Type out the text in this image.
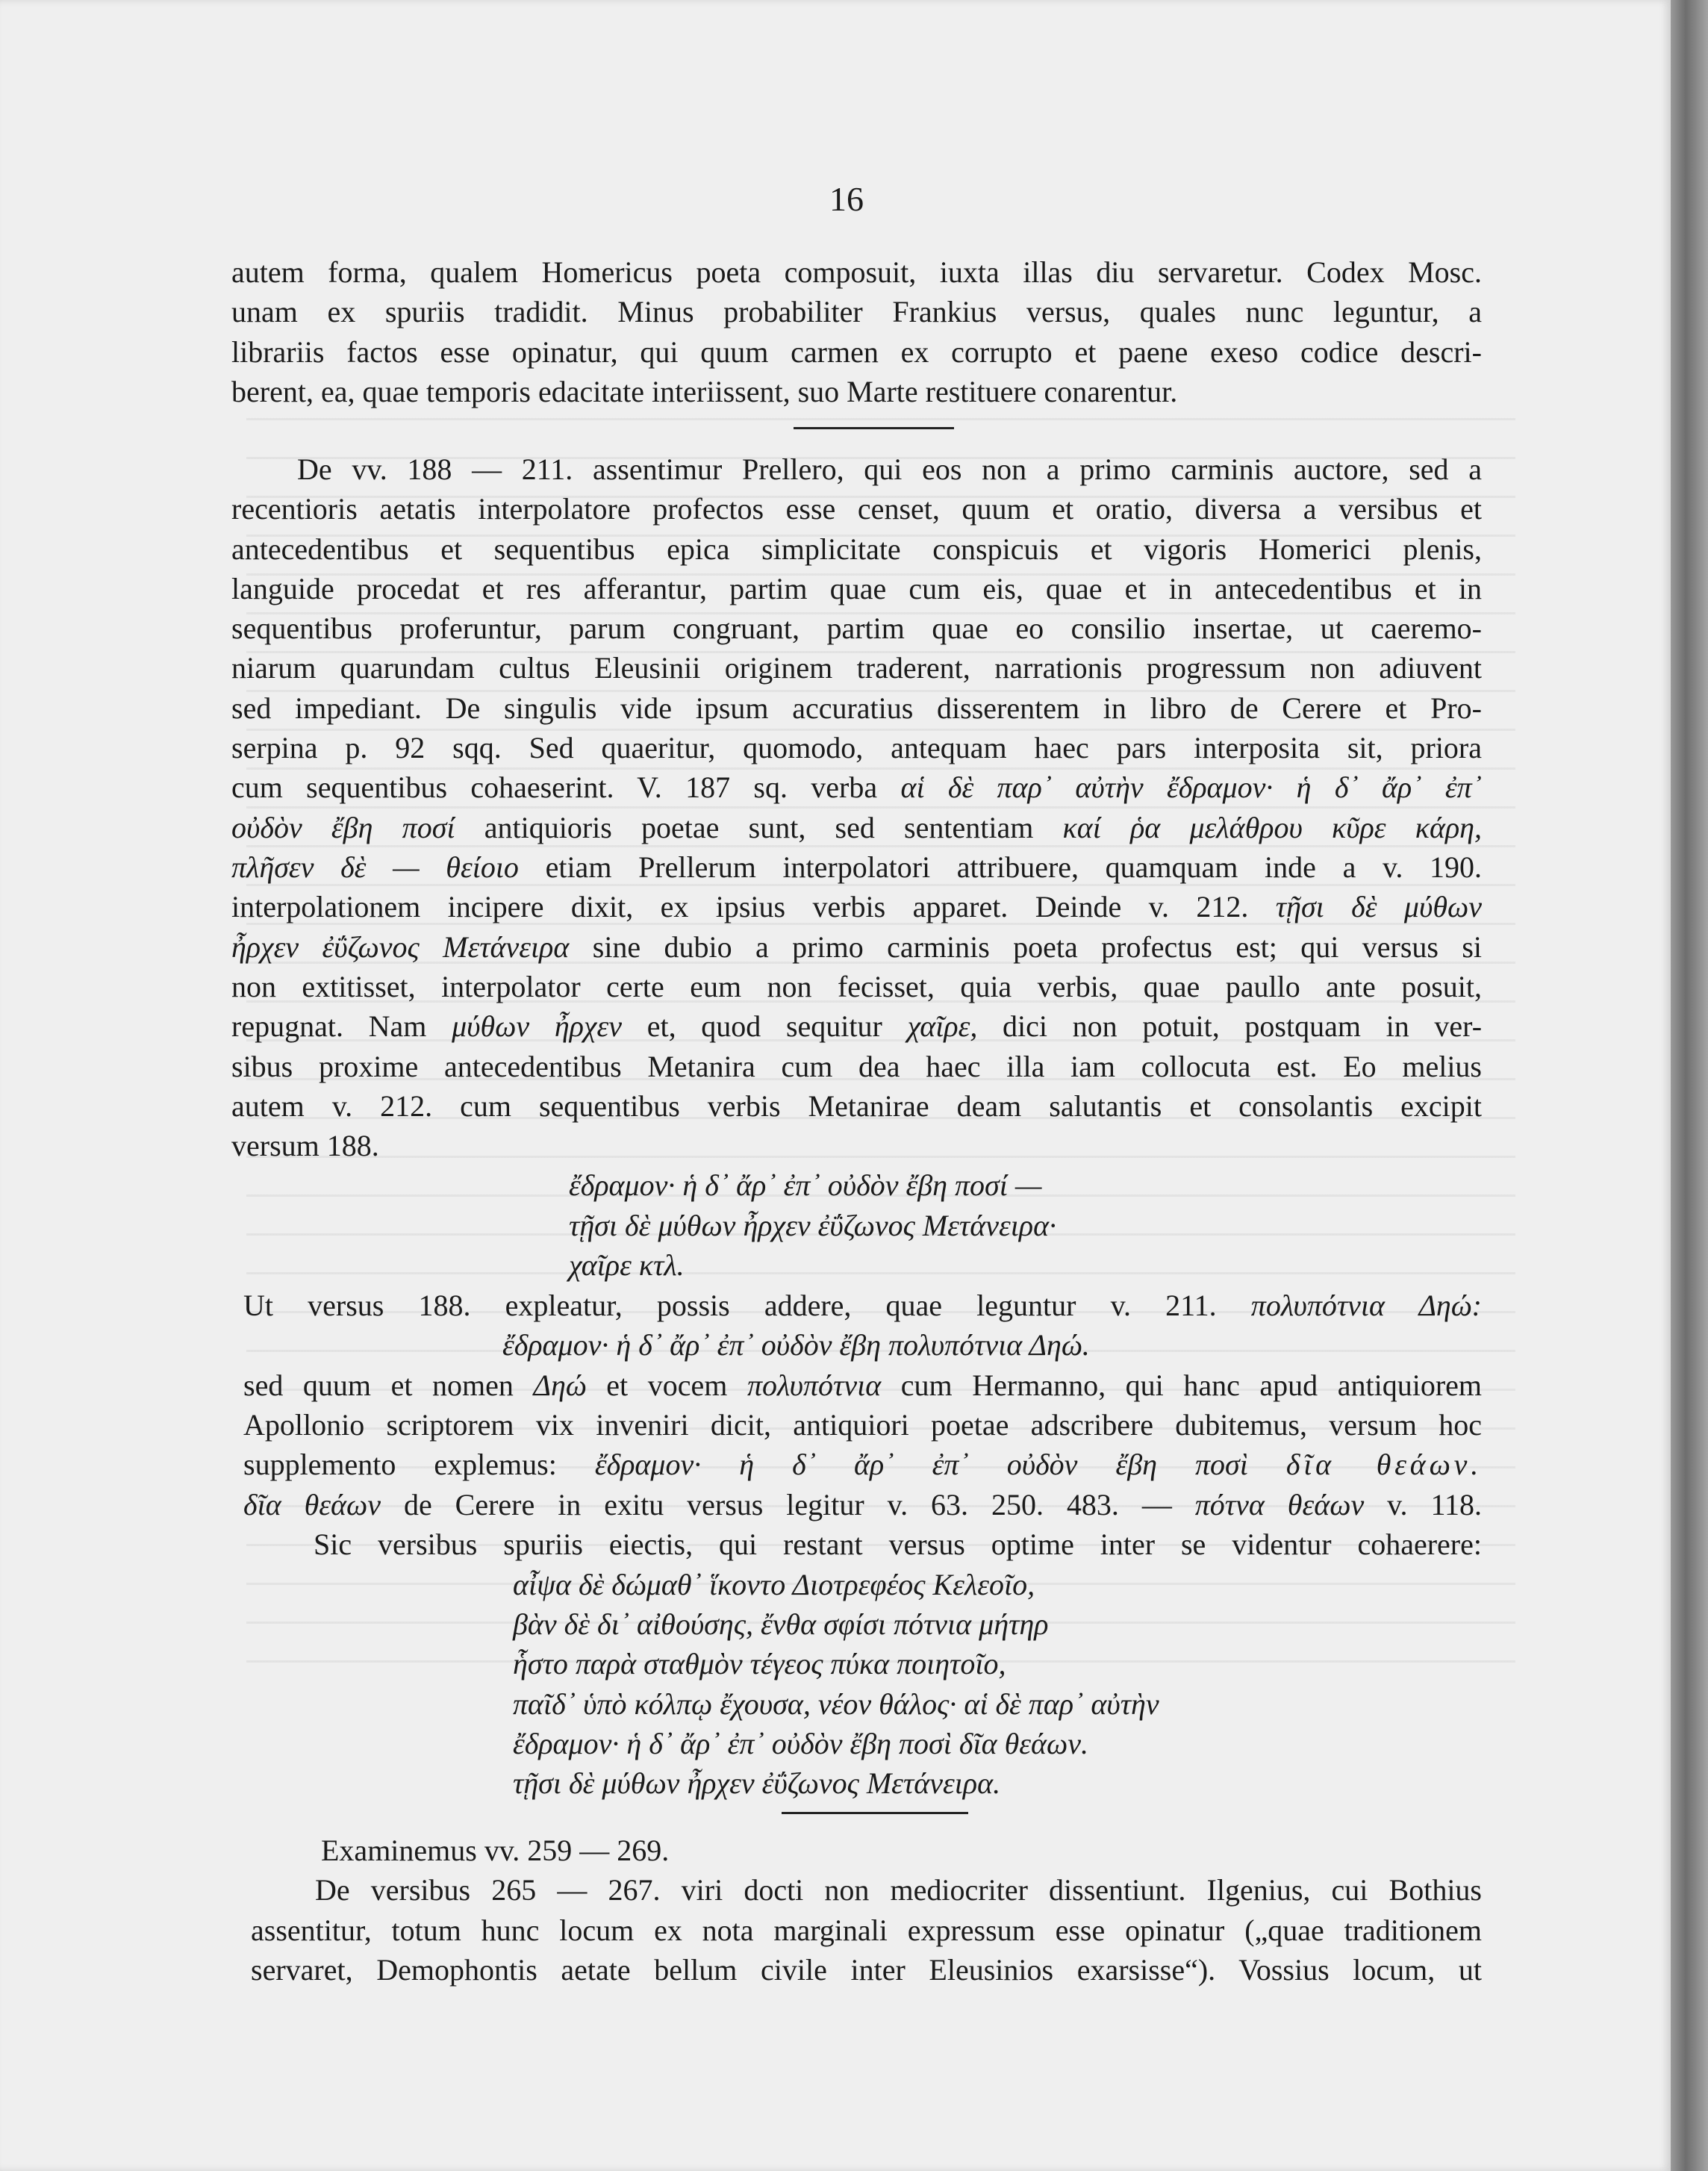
16
autem forma, qualem Homericus poeta composuit, iuxta illas diu servaretur. Codex Mosc.
unam ex spuriis tradidit. Minus probabiliter Frankius versus, quales nunc leguntur, a
librariis factos esse opinatur, qui quum carmen ex corrupto et paene exeso codice descri-
berent, ea, quae temporis edacitate interiissent, suo Marte restituere conarentur.
De vv. 188 — 211. assentimur Prellero, qui eos non a primo carminis auctore, sed a
recentioris aetatis interpolatore profectos esse censet, quum et oratio, diversa a versibus et
antecedentibus et sequentibus epica simplicitate conspicuis et vigoris Homerici plenis,
languide procedat et res afferantur, partim quae cum eis, quae et in antecedentibus et in
sequentibus proferuntur, parum congruant, partim quae eo consilio insertae, ut caeremo-
niarum quarundam cultus Eleusinii originem traderent, narrationis progressum non adiuvent
sed impediant. De singulis vide ipsum accuratius disserentem in libro de Cerere et Pro-
serpina p. 92 sqq. Sed quaeritur, quomodo, antequam haec pars interposita sit, priora
cum sequentibus cohaeserint. V. 187 sq. verba αἱ δὲ παρ᾽ αὐτὴν ἔδραμον· ἡ δ᾽ ἄρ᾽ ἐπ᾽
οὐδὸν ἔβη ποσί antiquioris poetae sunt, sed sententiam καί ῥα μελάθρου κῦρε κάρη,
πλῆσεν δὲ — θείοιο etiam Prellerum interpolatori attribuere, quamquam inde a v. 190.
interpolationem incipere dixit, ex ipsius verbis apparet. Deinde v. 212. τῇσι δὲ μύθων
ἦρχεν ἐΰζωνος Μετάνειρα sine dubio a primo carminis poeta profectus est; qui versus si
non extitisset, interpolator certe eum non fecisset, quia verbis, quae paullo ante posuit,
repugnat. Nam μύθων ἦρχεν et, quod sequitur χαῖρε, dici non potuit, postquam in ver-
sibus proxime antecedentibus Metanira cum dea haec illa iam collocuta est. Eo melius
autem v. 212. cum sequentibus verbis Metanirae deam salutantis et consolantis excipit
versum 188.
ἔδραμον· ἡ δ᾽ ἄρ᾽ ἐπ᾽ οὐδὸν ἔβη ποσί —
τῇσι δὲ μύθων ἦρχεν ἐΰζωνος Μετάνειρα·
χαῖρε κτλ.
Ut versus 188. expleatur, possis addere, quae leguntur v. 211. πολυπότνια Δηώ:
ἔδραμον· ἡ δ᾽ ἄρ᾽ ἐπ᾽ οὐδὸν ἔβη πολυπότνια Δηώ.
sed quum et nomen Δηώ et vocem πολυπότνια cum Hermanno, qui hanc apud antiquiorem
Apollonio scriptorem vix inveniri dicit, antiquiori poetae adscribere dubitemus, versum hoc
supplemento explemus: ἔδραμον· ἡ δ᾽ ἄρ᾽ ἐπ᾽ οὐδὸν ἔβη ποσὶ δῖα θεάων.
δῖα θεάων de Cerere in exitu versus legitur v. 63. 250. 483. — πότνα θεάων v. 118.
Sic versibus spuriis eiectis, qui restant versus optime inter se videntur cohaerere:
αἶψα δὲ δώμαθ᾽ ἵκοντο Διοτρεφέος Κελεοῖο,
βὰν δὲ δι᾽ αἰθούσης, ἔνθα σφίσι πότνια μήτηρ
ἧστο παρὰ σταθμὸν τέγεος πύκα ποιητοῖο,
παῖδ᾽ ὑπὸ κόλπῳ ἔχουσα, νέον θάλος· αἱ δὲ παρ᾽ αὐτὴν
ἔδραμον· ἡ δ᾽ ἄρ᾽ ἐπ᾽ οὐδὸν ἔβη ποσὶ δῖα θεάων.
τῇσι δὲ μύθων ἦρχεν ἐΰζωνος Μετάνειρα.
Examinemus vv. 259 — 269.
De versibus 265 — 267. viri docti non mediocriter dissentiunt. Ilgenius, cui Bothius
assentitur, totum hunc locum ex nota marginali expressum esse opinatur („quae traditionem
servaret, Demophontis aetate bellum civile inter Eleusinios exarsisse“). Vossius locum, ut
